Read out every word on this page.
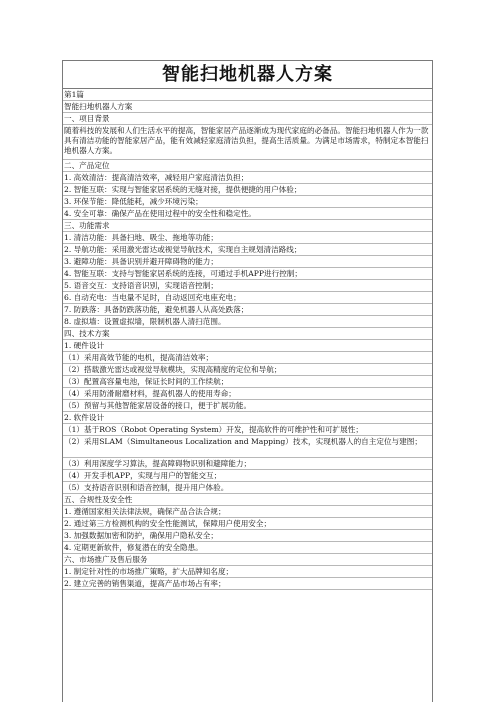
智能扫地机器人方案
第1篇
智能扫地机器人方案
一、项目背景
随着科技的发展和人们生活水平的提高，智能家居产品逐渐成为现代家庭的必备品。智能扫地机器人作为一款具有清洁功能的智能家居产品，能有效减轻家庭清洁负担，提高生活质量。为满足市场需求，特制定本智能扫地机器人方案。
二、产品定位
1. 高效清洁：提高清洁效率，减轻用户家庭清洁负担；
2. 智能互联：实现与智能家居系统的无缝对接，提供便捷的用户体验；
3. 环保节能：降低能耗，减少环境污染；
4. 安全可靠：确保产品在使用过程中的安全性和稳定性。
三、功能需求
1. 清洁功能：具备扫地、吸尘、拖地等功能；
2. 导航功能：采用激光雷达或视觉导航技术，实现自主规划清洁路线；
3. 避障功能：具备识别并避开障碍物的能力；
4. 智能互联：支持与智能家居系统的连接，可通过手机APP进行控制；
5. 语音交互：支持语音识别，实现语音控制；
6. 自动充电：当电量不足时，自动返回充电座充电；
7. 防跌落：具备防跌落功能，避免机器人从高处跌落；
8. 虚拟墙：设置虚拟墙，限制机器人清扫范围。
四、技术方案
1. 硬件设计
（1）采用高效节能的电机，提高清洁效率；
（2）搭载激光雷达或视觉导航模块，实现高精度的定位和导航；
（3）配置高容量电池，保证长时间的工作续航；
（4）采用防滑耐磨材料，提高机器人的使用寿命；
（5）预留与其他智能家居设备的接口，便于扩展功能。
2. 软件设计
（1）基于ROS（Robot Operating System）开发，提高软件的可维护性和可扩展性；
（2）采用SLAM（Simultaneous Localization and Mapping）技术，实现机器人的自主定位与建图；
（3）利用深度学习算法，提高障碍物识别和避障能力；
（4）开发手机APP，实现与用户的智能交互；
（5）支持语音识别和语音控制，提升用户体验。
五、合规性及安全性
1. 遵循国家相关法律法规，确保产品合法合规；
2. 通过第三方检测机构的安全性能测试，保障用户使用安全；
3. 加强数据加密和防护，确保用户隐私安全；
4. 定期更新软件，修复潜在的安全隐患。
六、市场推广及售后服务
1. 制定针对性的市场推广策略，扩大品牌知名度；
2. 建立完善的销售渠道，提高产品市场占有率；
